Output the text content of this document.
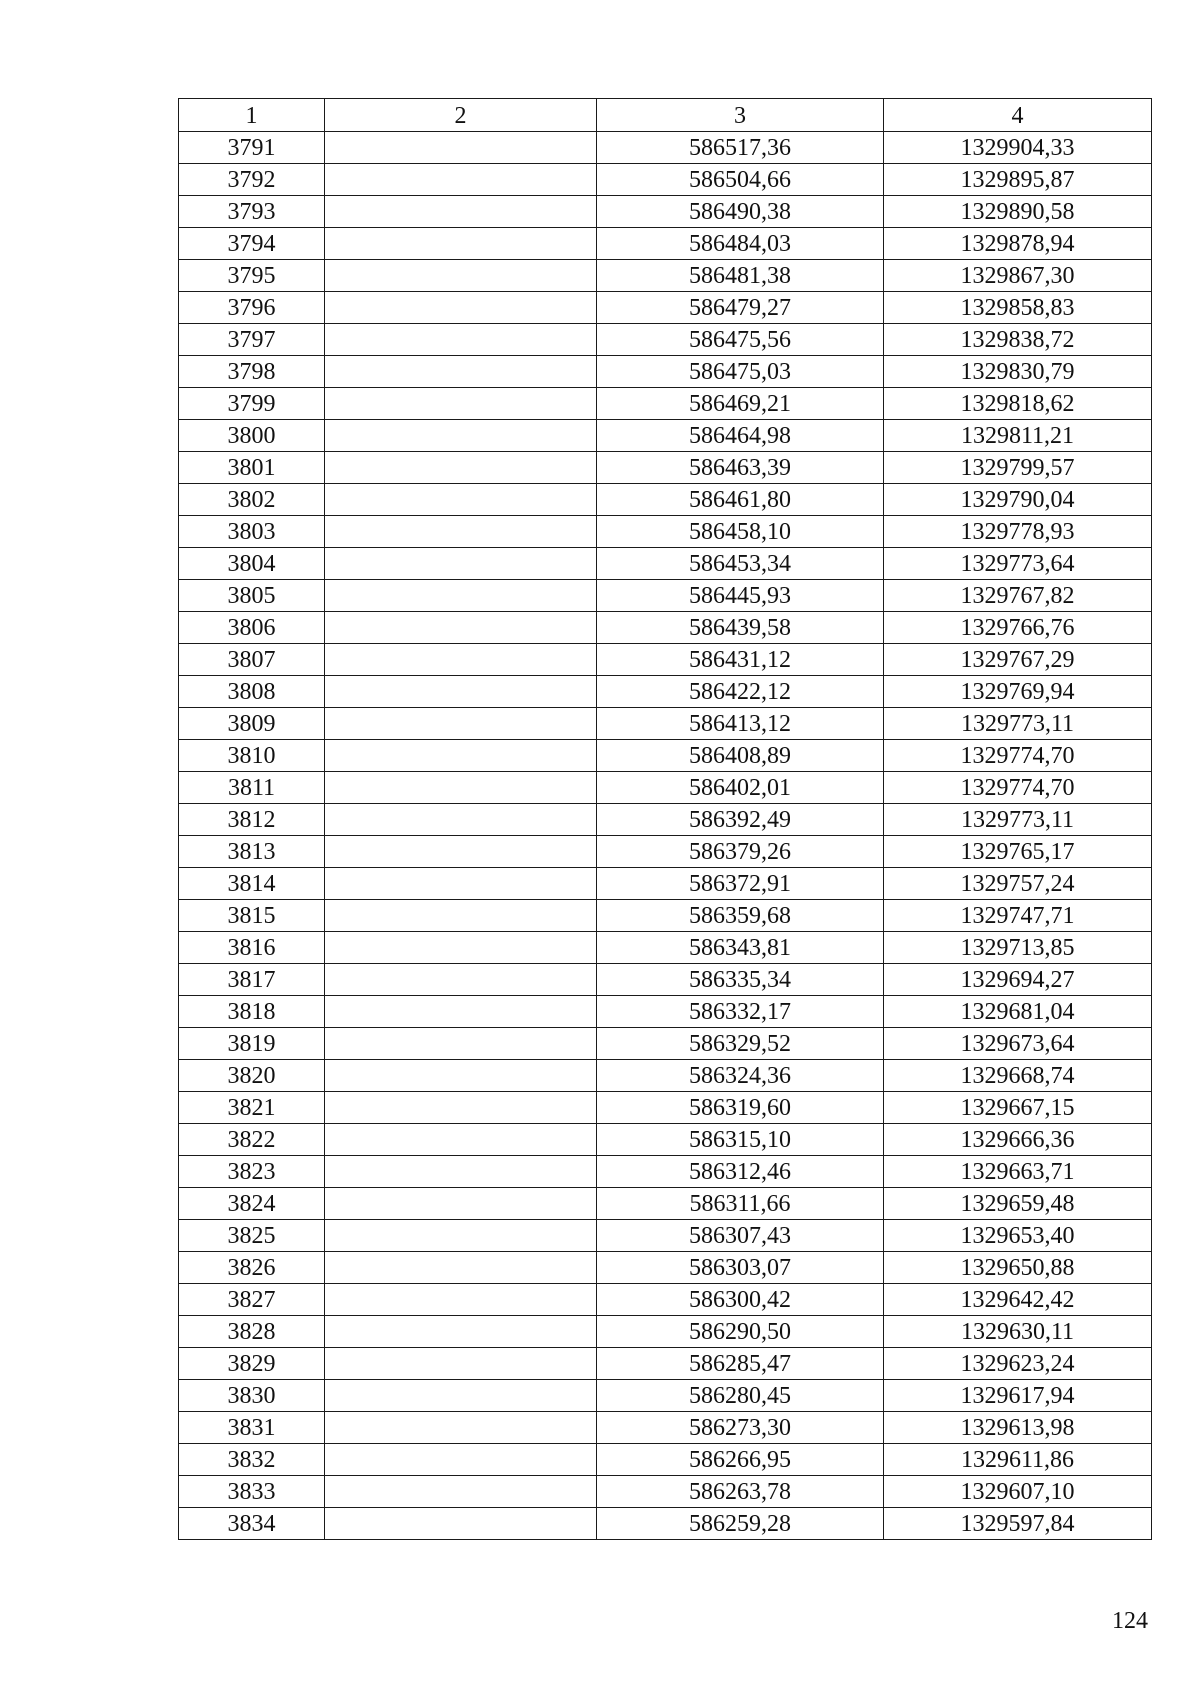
1	2	3	4
3791		586517,36	1329904,33
3792		586504,66	1329895,87
3793		586490,38	1329890,58
3794		586484,03	1329878,94
3795		586481,38	1329867,30
3796		586479,27	1329858,83
3797		586475,56	1329838,72
3798		586475,03	1329830,79
3799		586469,21	1329818,62
3800		586464,98	1329811,21
3801		586463,39	1329799,57
3802		586461,80	1329790,04
3803		586458,10	1329778,93
3804		586453,34	1329773,64
3805		586445,93	1329767,82
3806		586439,58	1329766,76
3807		586431,12	1329767,29
3808		586422,12	1329769,94
3809		586413,12	1329773,11
3810		586408,89	1329774,70
3811		586402,01	1329774,70
3812		586392,49	1329773,11
3813		586379,26	1329765,17
3814		586372,91	1329757,24
3815		586359,68	1329747,71
3816		586343,81	1329713,85
3817		586335,34	1329694,27
3818		586332,17	1329681,04
3819		586329,52	1329673,64
3820		586324,36	1329668,74
3821		586319,60	1329667,15
3822		586315,10	1329666,36
3823		586312,46	1329663,71
3824		586311,66	1329659,48
3825		586307,43	1329653,40
3826		586303,07	1329650,88
3827		586300,42	1329642,42
3828		586290,50	1329630,11
3829		586285,47	1329623,24
3830		586280,45	1329617,94
3831		586273,30	1329613,98
3832		586266,95	1329611,86
3833		586263,78	1329607,10
3834		586259,28	1329597,84
124
